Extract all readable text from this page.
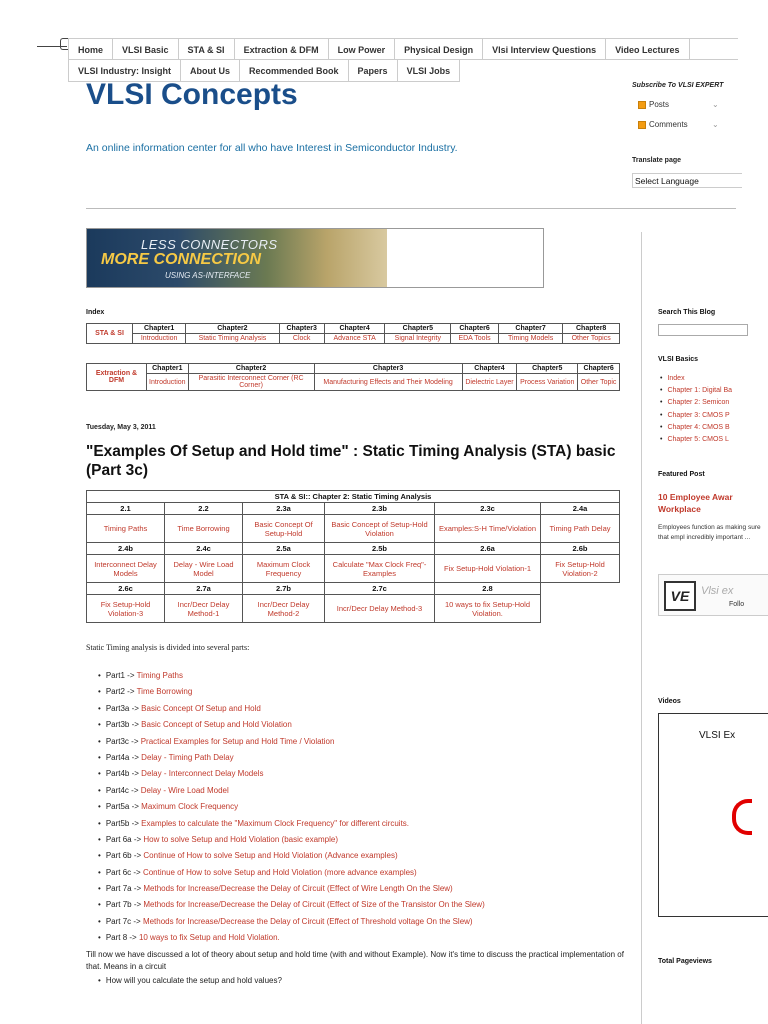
Home	VLSI Basic	STA & SI	Extraction & DFM	Low Power	Physical Design	Vlsi Interview Questions	Video Lectures
VLSI Industry: Insight	About Us	Recommended Book	Papers	VLSI Jobs
VLSI Concepts
An online information center for all who have Interest in Semiconductor Industry.
Subscribe To VLSI EXPERT
Posts	⌄
Comments	⌄
Translate page
Select Language
LESS CONNECTORS
MORE CONNECTION
USING AS-INTERFACE
Index
STA & SI	Chapter1	Chapter2	Chapter3	Chapter4	Chapter5	Chapter6	Chapter7	Chapter8
	Introduction	Static Timing Analysis	Clock	Advance STA	Signal Integrity	EDA Tools	Timing Models	Other Topics
Extraction & DFM	Chapter1	Chapter2	Chapter3	Chapter4	Chapter5	Chapter6
	Introduction	Parasitic Interconnect Corner (RC Corner)	Manufacturing Effects and Their Modeling	Dielectric Layer	Process Variation	Other Topic
Tuesday, May 3, 2011
"Examples Of Setup and Hold time" : Static Timing Analysis (STA) basic (Part 3c)
STA & SI:: Chapter 2: Static Timing Analysis					
2.1	2.2	2.3a	2.3b	2.3c	2.4a
Timing Paths	Time Borrowing	Basic Concept Of Setup-Hold	Basic Concept of Setup-Hold Violation	Examples:S-H Time/Violation	Timing Path Delay
2.4b	2.4c	2.5a	2.5b	2.6a	2.6b
Interconnect Delay Models	Delay - Wire Load Model	Maximum Clock Frequency	Calculate "Max Clock Freq"- Examples	Fix Setup-Hold Violation-1	Fix Setup-Hold Violation-2
2.6c	2.7a	2.7b	2.7c	2.8	
Fix Setup-Hold Violation-3	Incr/Decr Delay Method-1	Incr/Decr Delay Method-2	Incr/Decr Delay Method-3	10 ways to fix Setup-Hold Violation.	
Static Timing analysis is divided into several parts:
• Part1 -> Timing Paths
• Part2 -> Time Borrowing
• Part3a -> Basic Concept Of Setup and Hold
• Part3b -> Basic Concept of Setup and Hold Violation
• Part3c -> Practical Examples for Setup and Hold Time / Violation
• Part4a -> Delay - Timing Path Delay
• Part4b -> Delay - Interconnect Delay Models
• Part4c -> Delay - Wire Load Model
• Part5a -> Maximum Clock Frequency
• Part5b -> Examples to calculate the "Maximum Clock Frequency" for different circuits.
• Part 6a -> How to solve Setup and Hold Violation (basic example)
• Part 6b -> Continue of How to solve Setup and Hold Violation (Advance examples)
• Part 6c -> Continue of How to solve Setup and Hold Violation (more advance examples)
• Part 7a -> Methods for Increase/Decrease the Delay of Circuit (Effect of Wire Length On the Slew)
• Part 7b -> Methods for Increase/Decrease the Delay of Circuit (Effect of Size of the Transistor On the Slew)
• Part 7c -> Methods for Increase/Decrease the Delay of Circuit (Effect of Threshold voltage On the Slew)
• Part 8 -> 10 ways to fix Setup and Hold Violation.
Till now we have discussed a lot of theory about setup and hold time (with and without Example). Now it's time to discuss the practical implementation of that. Means in a circuit
• How will you calculate the setup and hold values?
Search This Blog
VLSI Basics
• Index
• Chapter 1: Digital Ba
• Chapter 2: Semicon
• Chapter 3: CMOS P
• Chapter 4: CMOS B
• Chapter 5: CMOS L
Featured Post
10 Employee Awar Workplace
Employees function as making sure that empl incredibly important ...
VE	Vlsi ex
Follo
Videos
VLSI Ex
Total Pageviews
